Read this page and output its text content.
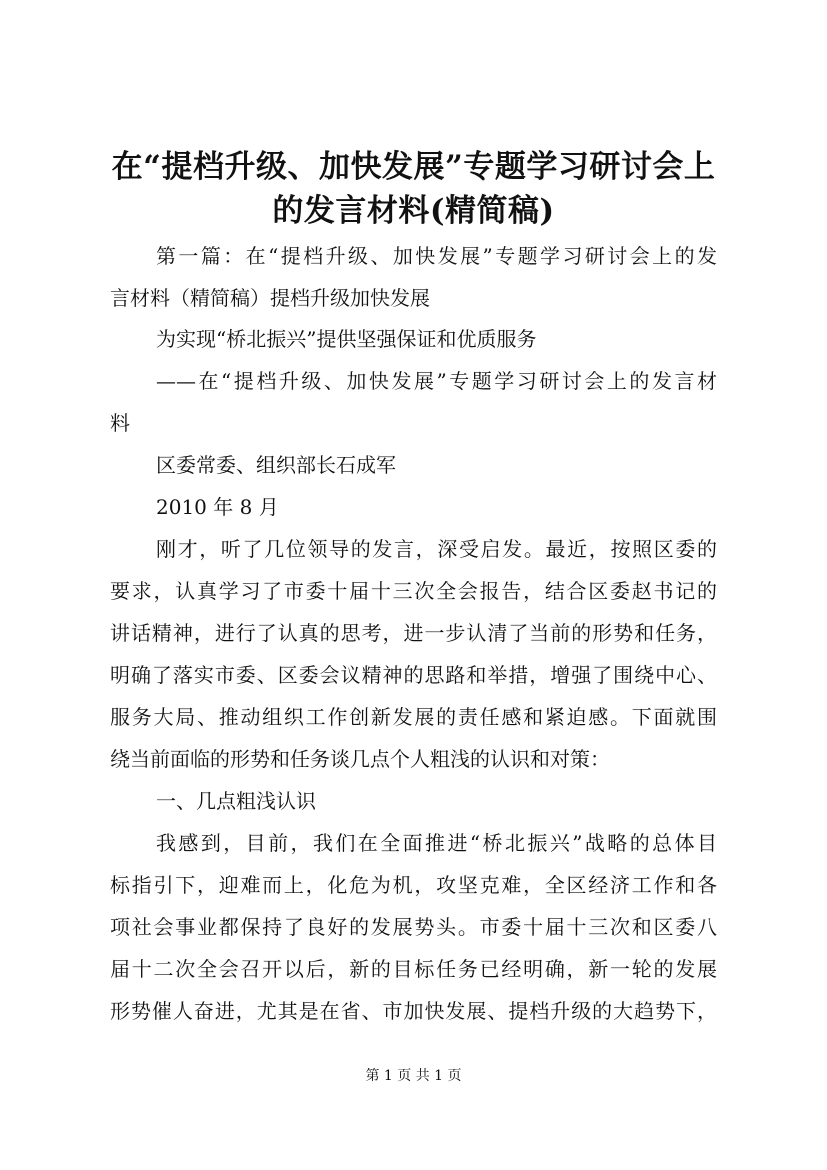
在“提档升级、加快发展”专题学习研讨会上
的发言材料(精简稿)
第一篇：在“提档升级、加快发展”专题学习研讨会上的发
言材料（精简稿）提档升级加快发展
为实现“桥北振兴”提供坚强保证和优质服务
——在“提档升级、加快发展”专题学习研讨会上的发言材
料
区委常委、组织部长石成军
2010 年 8 月
刚才，听了几位领导的发言，深受启发。最近，按照区委的
要求，认真学习了市委十届十三次全会报告，结合区委赵书记的
讲话精神，进行了认真的思考，进一步认清了当前的形势和任务，
明确了落实市委、区委会议精神的思路和举措，增强了围绕中心、
服务大局、推动组织工作创新发展的责任感和紧迫感。下面就围
绕当前面临的形势和任务谈几点个人粗浅的认识和对策：
一、几点粗浅认识
我感到，目前，我们在全面推进“桥北振兴”战略的总体目
标指引下，迎难而上，化危为机，攻坚克难，全区经济工作和各
项社会事业都保持了良好的发展势头。市委十届十三次和区委八
届十二次全会召开以后，新的目标任务已经明确，新一轮的发展
形势催人奋进，尤其是在省、市加快发展、提档升级的大趋势下，
第 1 页 共 1 页
